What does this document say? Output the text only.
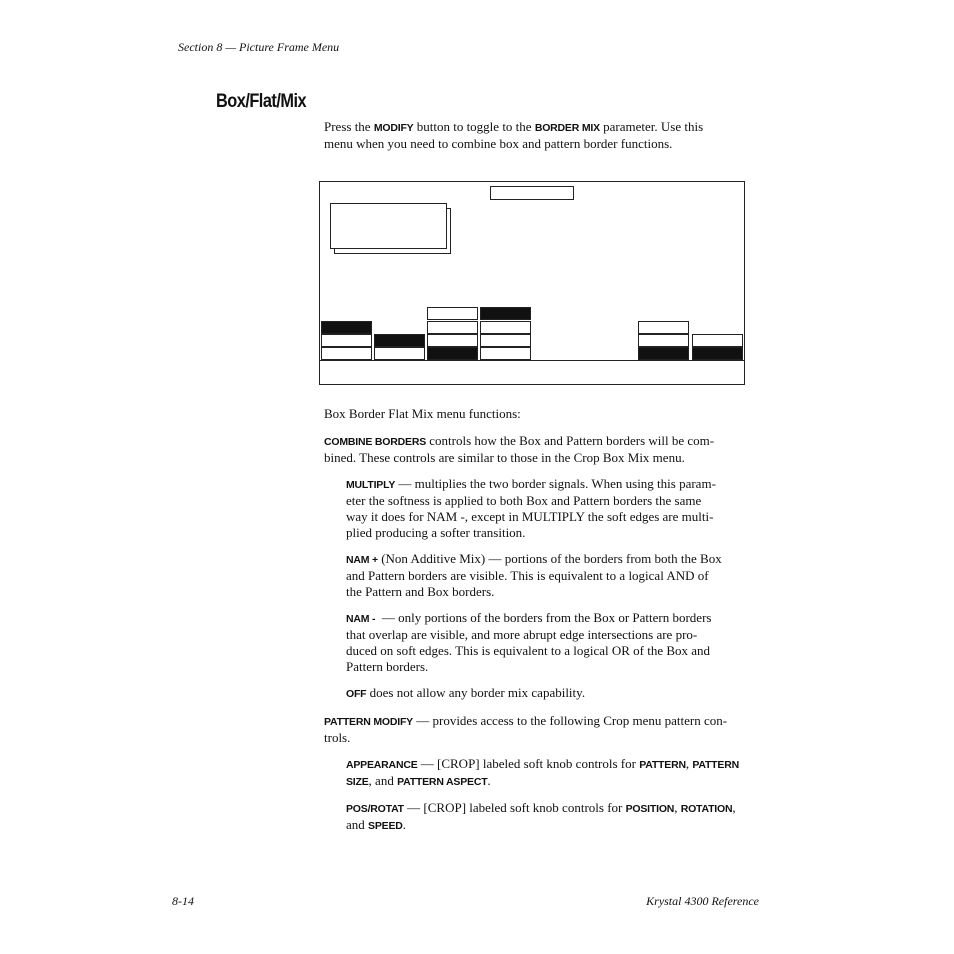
Section 8 — Picture Frame Menu
Box/Flat/Mix
Press the MODIFY button to toggle to the BORDER MIX parameter. Use this
menu when you need to combine box and pattern border functions.
Box Border Flat Mix menu functions:
COMBINE BORDERS controls how the Box and Pattern borders will be com-
bined. These controls are similar to those in the Crop Box Mix menu.
MULTIPLY — multiplies the two border signals. When using this param-
eter the softness is applied to both Box and Pattern borders the same
way it does for NAM -, except in MULTIPLY the soft edges are multi-
plied producing a softer transition.
NAM + (Non Additive Mix) — portions of the borders from both the Box
and Pattern borders are visible. This is equivalent to a logical AND of
the Pattern and Box borders.
NAM -  — only portions of the borders from the Box or Pattern borders
that overlap are visible, and more abrupt edge intersections are pro-
duced on soft edges. This is equivalent to a logical OR of the Box and
Pattern borders.
OFF does not allow any border mix capability.
PATTERN MODIFY — provides access to the following Crop menu pattern con-
trols.
APPEARANCE — [CROP] labeled soft knob controls for PATTERN, PATTERN
SIZE, and PATTERN ASPECT.
POS/ROTAT — [CROP] labeled soft knob controls for POSITION, ROTATION,
and SPEED.
8-14	Krystal 4300 Reference
